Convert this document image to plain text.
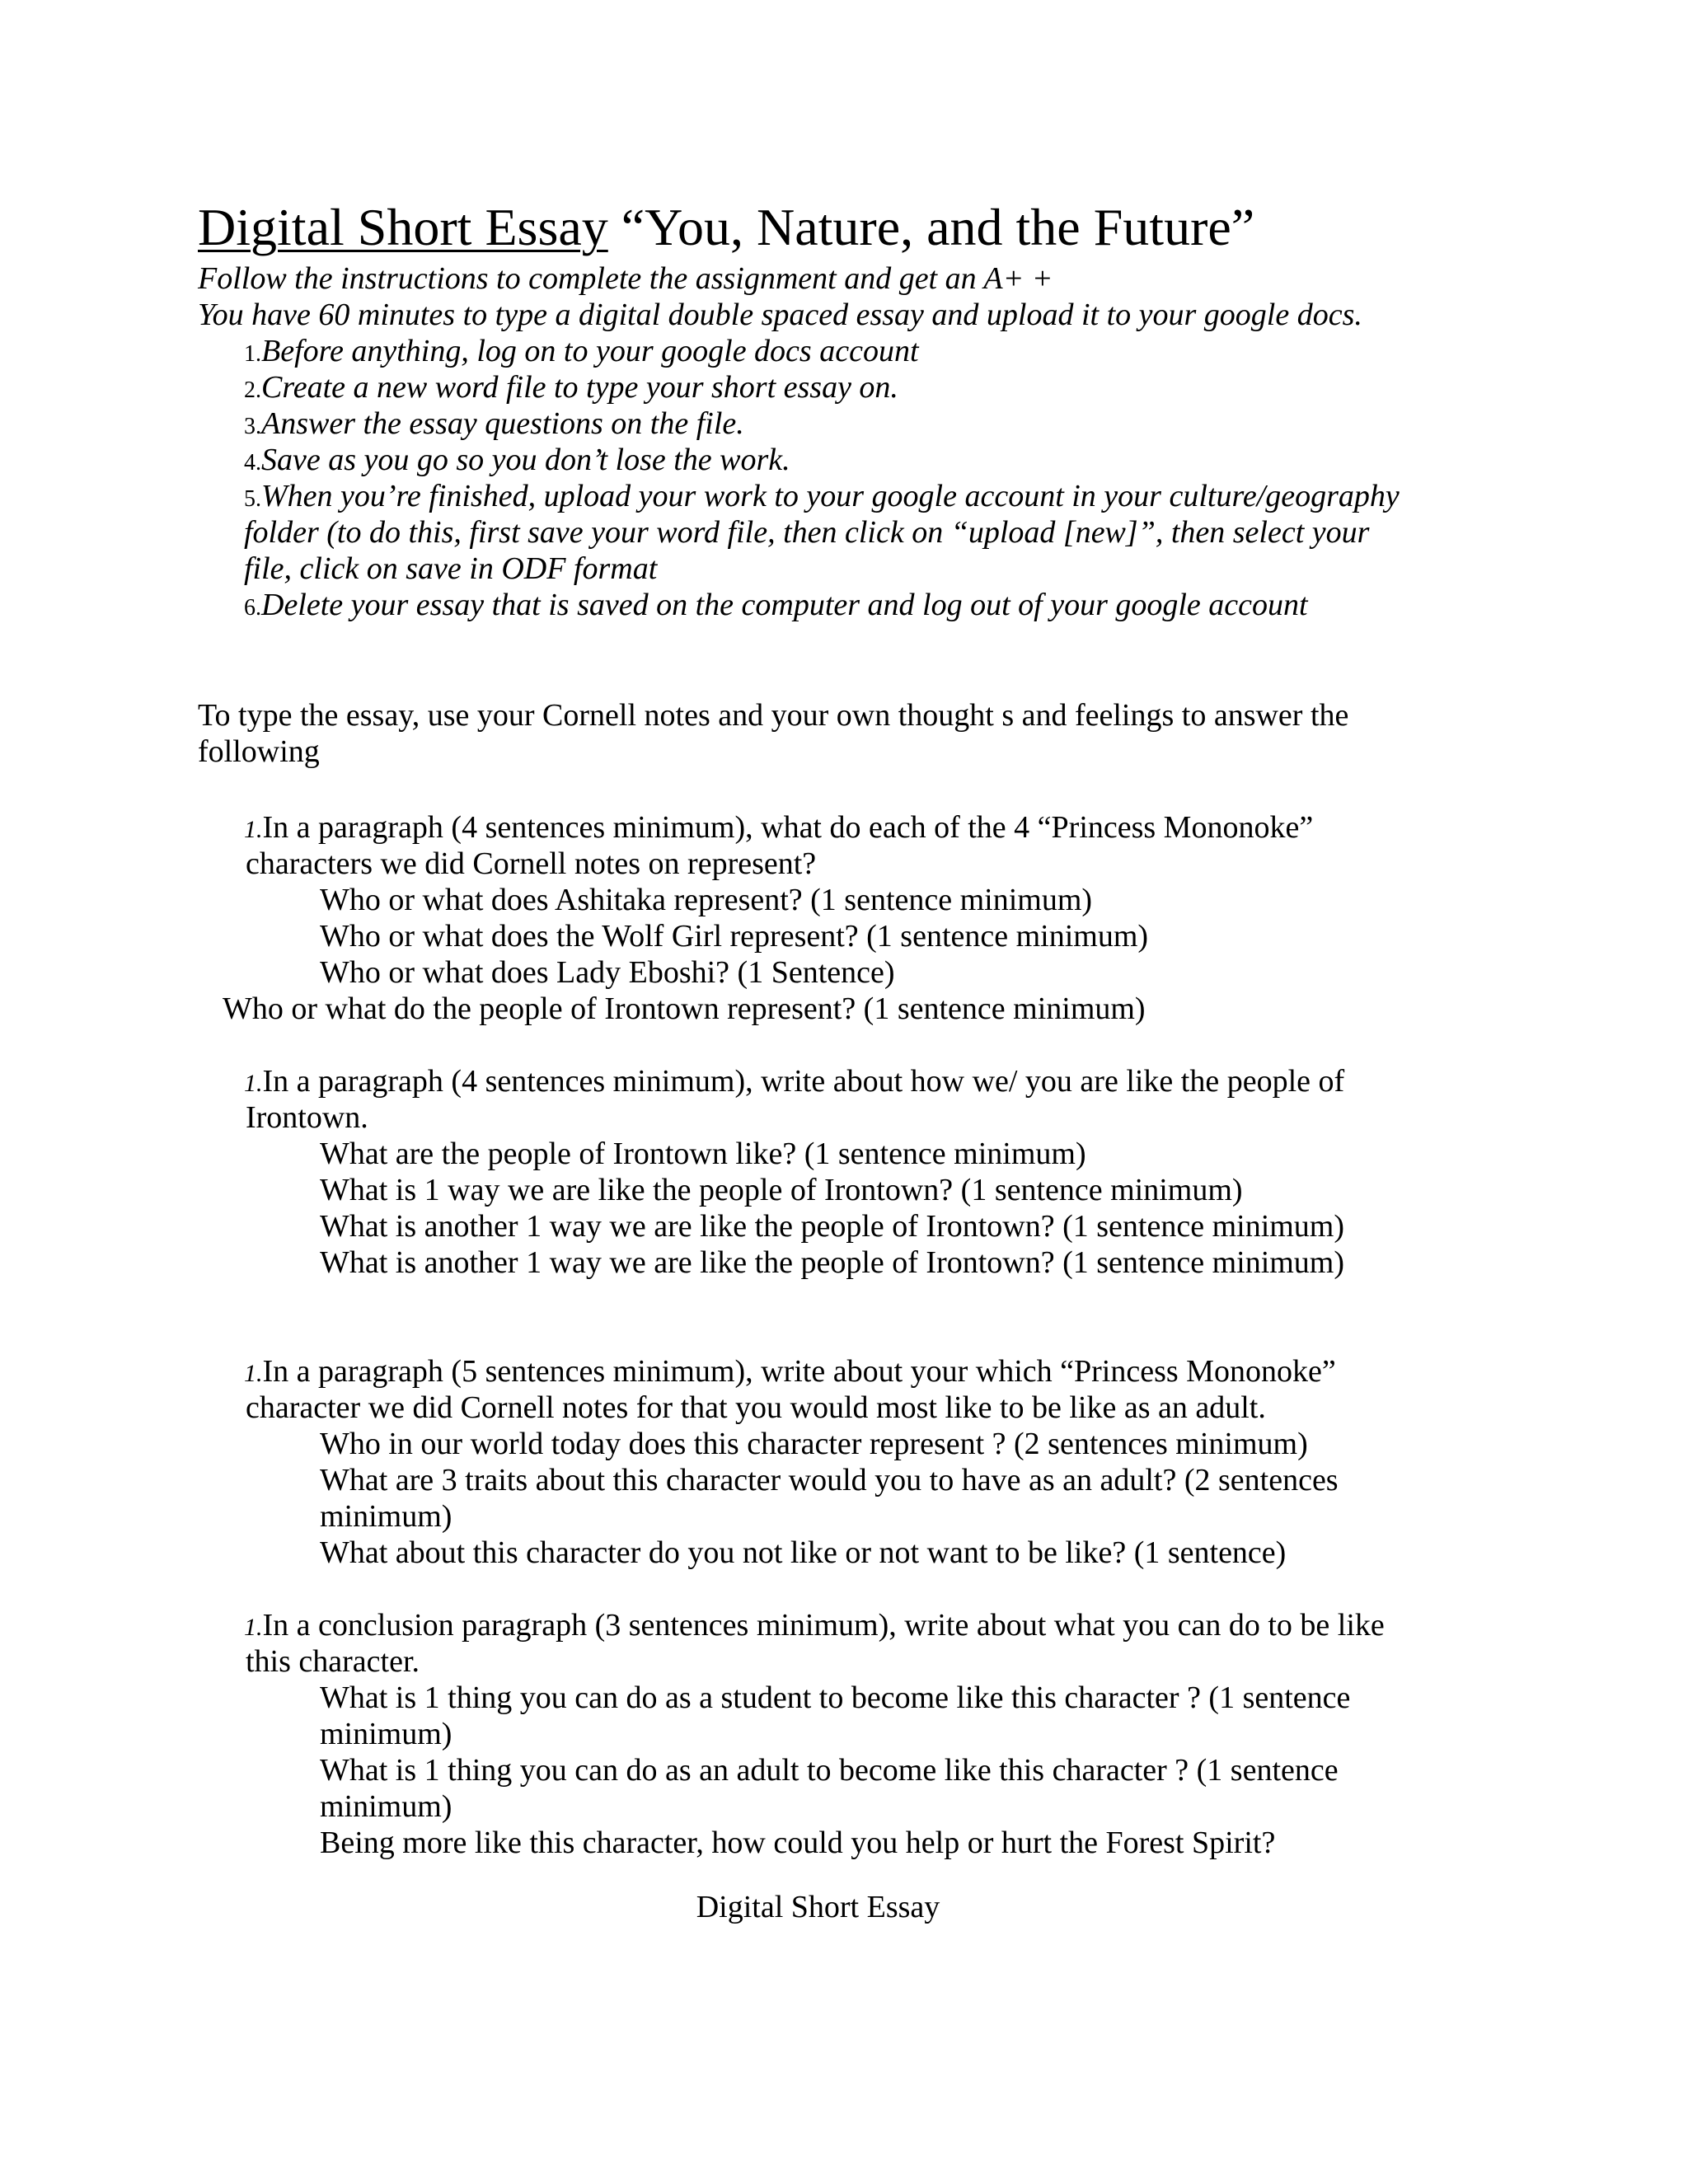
Digital Short Essay “You, Nature, and the Future”
Follow the instructions to complete the assignment and get an A+ +
You have 60 minutes to type a digital double spaced essay and upload it to your google docs.
1.Before anything, log on to your google docs account
2.Create a new word file to type your short essay on.
3.Answer the essay questions on the file.
4.Save as you go so you don’t lose the work.
5.When you’re finished, upload your work to your google account in your culture/geography
folder (to do this, first save your word file, then click on “upload [new]”, then select your
file, click on save in ODF format
6.Delete your essay that is saved on the computer and log out of your google account
To type the essay, use your Cornell notes and your own thought s and feelings to answer the
following
1.In a paragraph (4 sentences minimum), what do each of the 4 “Princess Mononoke”
characters we did Cornell notes on represent?
Who or what does Ashitaka represent? (1 sentence minimum)
Who or what does the Wolf Girl represent? (1 sentence minimum)
Who or what does Lady Eboshi? (1 Sentence)
Who or what do the people of Irontown represent? (1 sentence minimum)
1.In a paragraph (4 sentences minimum), write about how we/ you are like the people of
Irontown.
What are the people of Irontown like? (1 sentence minimum)
What is 1 way we are like the people of Irontown? (1 sentence minimum)
What is another 1 way we are like the people of Irontown? (1 sentence minimum)
What is another 1 way we are like the people of Irontown? (1 sentence minimum)
1.In a paragraph (5 sentences minimum), write about your which “Princess Mononoke”
character we did Cornell notes for that you would most like to be like as an adult.
Who in our world today does this character represent ? (2 sentences minimum)
What are 3 traits about this character would you to have as an adult? (2 sentences
minimum)
What about this character do you not like or not want to be like? (1 sentence)
1.In a conclusion paragraph (3 sentences minimum), write about what you can do to be like
this character.
What is 1 thing you can do as a student to become like this character ? (1 sentence
minimum)
What is 1 thing you can do as an adult to become like this character ? (1 sentence
minimum)
Being more like this character, how could you help or hurt the Forest Spirit?
Digital Short Essay
